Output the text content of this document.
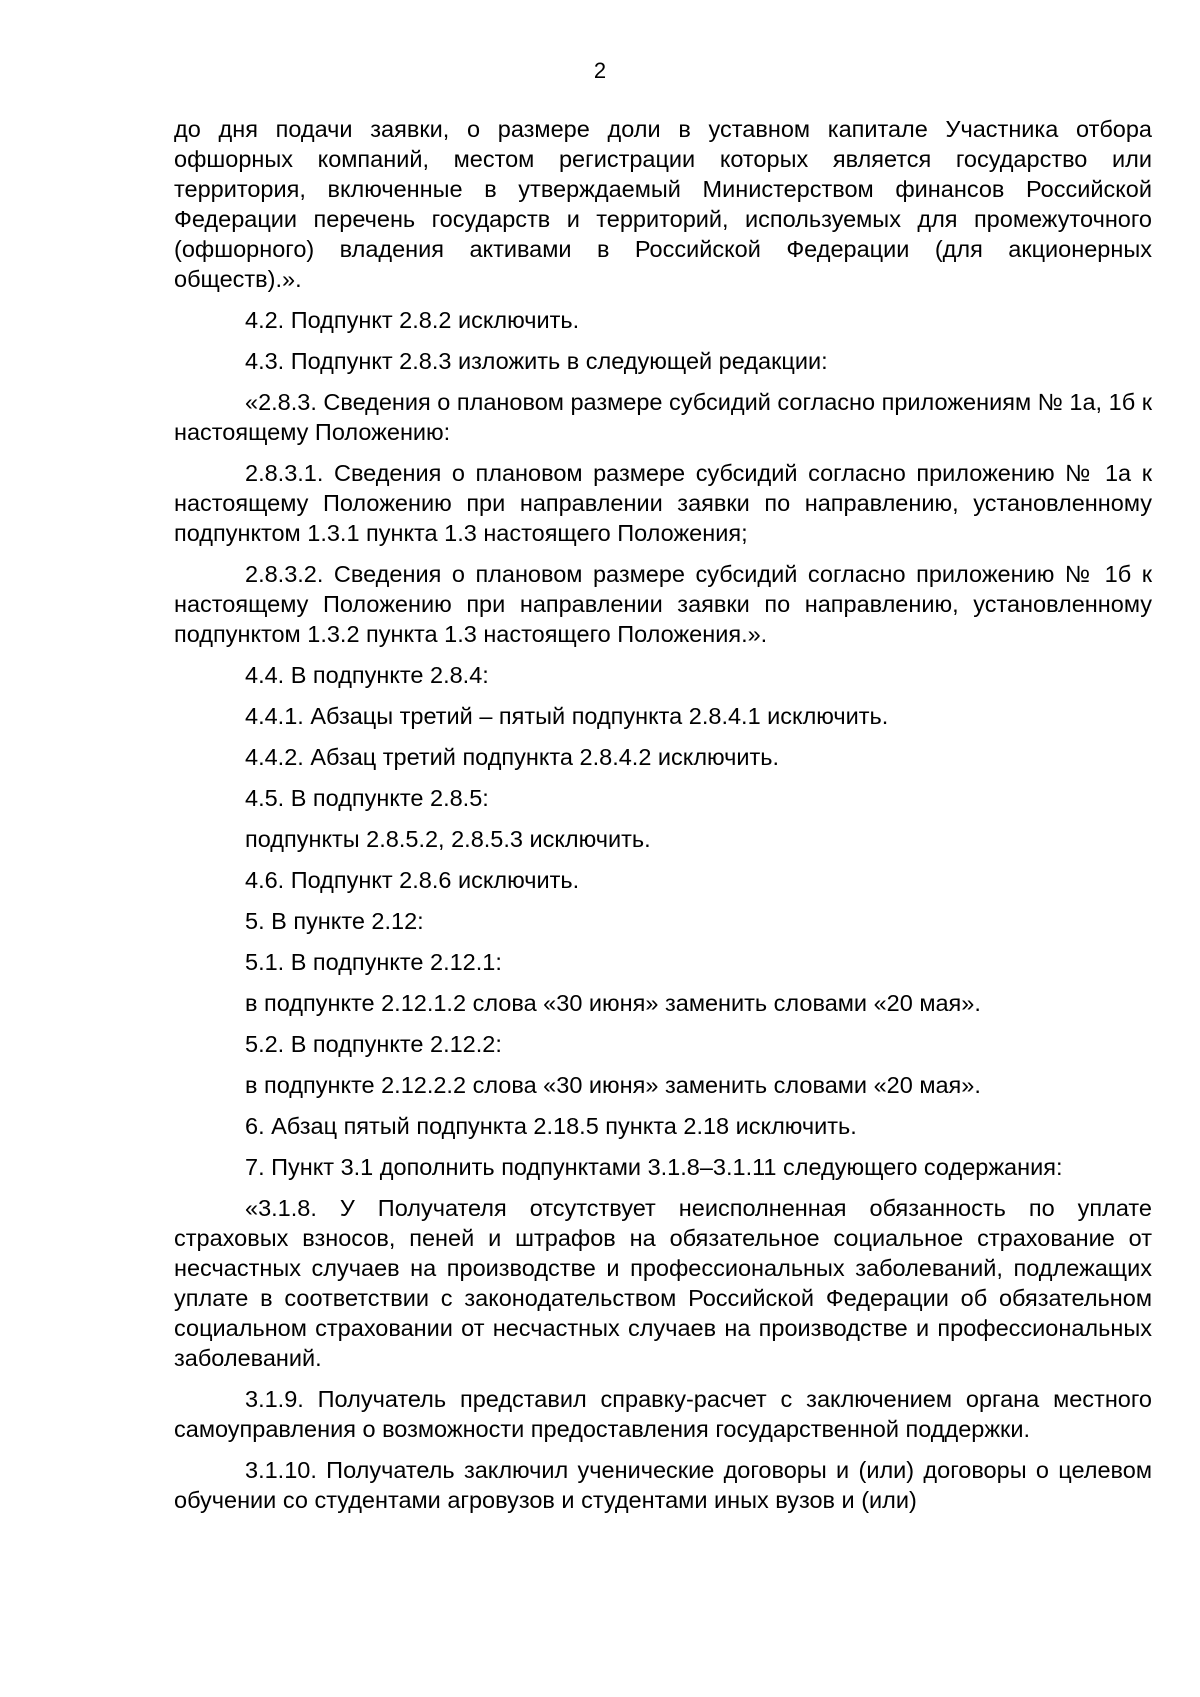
2

до дня подачи заявки, о размере доли в уставном капитале Участника отбора офшорных компаний, местом регистрации которых является государство или территория, включенные в утверждаемый Министерством финансов Российской Федерации перечень государств и территорий, используемых для промежуточного (офшорного) владения активами в Российской Федерации (для акционерных обществ).».

4.2. Подпункт 2.8.2 исключить.

4.3. Подпункт 2.8.3 изложить в следующей редакции:

«2.8.3. Сведения о плановом размере субсидий согласно приложениям № 1а, 1б к настоящему Положению:

2.8.3.1. Сведения о плановом размере субсидий согласно приложению № 1а к настоящему Положению при направлении заявки по направлению, установленному подпунктом 1.3.1 пункта 1.3 настоящего Положения;

2.8.3.2. Сведения о плановом размере субсидий согласно приложению № 1б к настоящему Положению при направлении заявки по направлению, установленному подпунктом 1.3.2 пункта 1.3 настоящего Положения.».

4.4. В подпункте 2.8.4:

4.4.1. Абзацы третий – пятый подпункта 2.8.4.1 исключить.

4.4.2. Абзац третий подпункта 2.8.4.2 исключить.

4.5. В подпункте 2.8.5:

подпункты 2.8.5.2, 2.8.5.3 исключить.

4.6. Подпункт 2.8.6 исключить.

5. В пункте 2.12:

5.1. В подпункте 2.12.1:

в подпункте 2.12.1.2 слова «30 июня» заменить словами «20 мая».

5.2. В подпункте 2.12.2:

в подпункте 2.12.2.2 слова «30 июня» заменить словами «20 мая».

6. Абзац пятый подпункта 2.18.5 пункта 2.18 исключить.

7. Пункт 3.1 дополнить подпунктами 3.1.8–3.1.11 следующего содержания:

«3.1.8. У Получателя отсутствует неисполненная обязанность по уплате страховых взносов, пеней и штрафов на обязательное социальное страхование от несчастных случаев на производстве и профессиональных заболеваний, подлежащих уплате в соответствии с законодательством Российской Федерации об обязательном социальном страховании от несчастных случаев на производстве и профессиональных заболеваний.

3.1.9. Получатель представил справку-расчет с заключением органа местного самоуправления о возможности предоставления государственной поддержки.

3.1.10. Получатель заключил ученические договоры и (или) договоры о целевом обучении со студентами агровузов и студентами иных вузов и (или)
